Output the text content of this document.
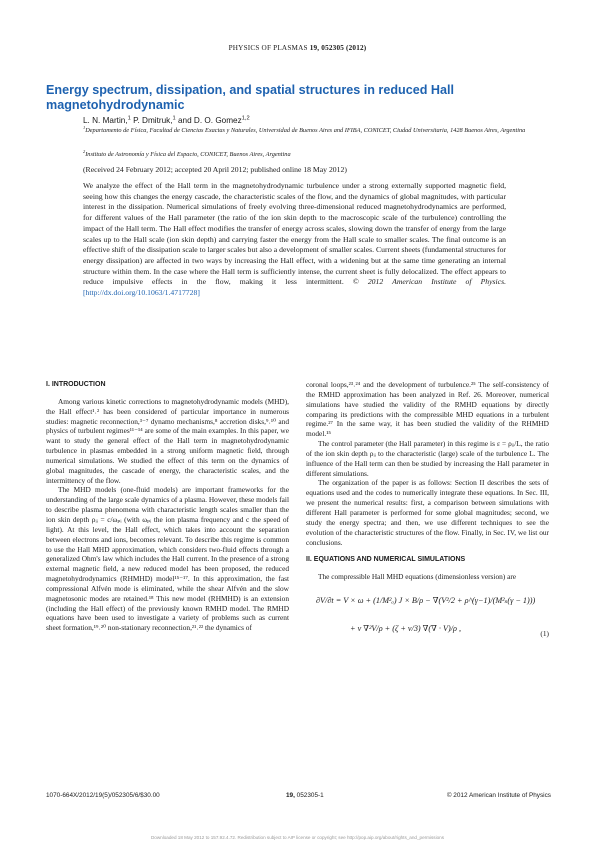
PHYSICS OF PLASMAS 19, 052305 (2012)
Energy spectrum, dissipation, and spatial structures in reduced Hall magnetohydrodynamic
L. N. Martin,$^1$ P. Dmitruk,$^1$ and D. O. Gomez$^{1,2}$
$^1$Departamento de Física, Facultad de Ciencias Exactas y Naturales, Universidad de Buenos Aires and IFIBA, CONICET, Ciudad Universitaria, 1428 Buenos Aires, Argentina
$^2$Instituto de Astronomía y Física del Espacio, CONICET, Buenos Aires, Argentina
(Received 24 February 2012; accepted 20 April 2012; published online 18 May 2012)
We analyze the effect of the Hall term in the magnetohydrodynamic turbulence under a strong externally supported magnetic field, seeing how this changes the energy cascade, the characteristic scales of the flow, and the dynamics of global magnitudes, with particular interest in the dissipation. Numerical simulations of freely evolving three-dimensional reduced magnetohydrodynamics are performed, for different values of the Hall parameter (the ratio of the ion skin depth to the macroscopic scale of the turbulence) controlling the impact of the Hall term. The Hall effect modifies the transfer of energy across scales, slowing down the transfer of energy from the large scales up to the Hall scale (ion skin depth) and carrying faster the energy from the Hall scale to smaller scales. The final outcome is an effective shift of the dissipation scale to larger scales but also a development of smaller scales. Current sheets (fundamental structures for energy dissipation) are affected in two ways by increasing the Hall effect, with a widening but at the same time generating an internal structure within them. In the case where the Hall term is sufficiently intense, the current sheet is fully delocalized. The effect appears to reduce impulsive effects in the flow, making it less intermittent. © 2012 American Institute of Physics. [http://dx.doi.org/10.1063/1.4717728]
I. INTRODUCTION

Among various kinetic corrections to magnetohydrodynamic models (MHD), the Hall effect¹˒² has been considered of particular importance in numerous studies: magnetic reconnection,³⁻⁷ dynamo mechanisms,⁸ accretion disks,⁹˒¹⁰ and physics of turbulent regimes¹¹⁻¹⁴ are some of the main examples. In this paper, we want to study the general effect of the Hall term in magnetohydrodynamic turbulence in plasmas embedded in a strong uniform magnetic field, through numerical simulations. We studied the effect of this term on the dynamics of global magnitudes, the cascade of energy, the characteristic scales, and the intermittency of the flow.

The MHD models (one-fluid models) are important frameworks for the understanding of the large scale dynamics of a plasma. However, these models fail to describe plasma phenomena with characteristic length scales smaller than the ion skin depth ρᵢᵢ = c/ωₚᵢ (with ωₚᵢ the ion plasma frequency and c the speed of light). At this level, the Hall effect, which takes into account the separation between electrons and ions, becomes relevant. To describe this regime is common to use the Hall MHD approximation, which considers two-fluid effects through a generalized Ohm's law which includes the Hall current. In the presence of a strong external magnetic field, a new reduced model has been proposed, the reduced magnetohydrodynamics (RHMHD) model¹⁵⁻¹⁷. In this approximation, the fast compressional Alfvén mode is eliminated, while the shear Alfvén and the slow magnetosonic modes are retained.¹⁸ This new model (RHMHD) is an extension (including the Hall effect) of the previously known RMHD model. The RMHD equations have been used to investigate a variety of problems such as current sheet formation,¹⁹˒²⁰ non-stationary reconnection,²¹˒²² the dynamics of

coronal loops,²³˒²⁴ and the development of turbulence.²⁵ The self-consistency of the RMHD approximation has been analyzed in Ref. 26. Moreover, numerical simulations have studied the validity of the RMHD equations by directly comparing its predictions with the compressible MHD equations in a turbulent regime.²⁷ In the same way, it has been studied the validity of the RHMHD model.¹⁵

The control parameter (the Hall parameter) in this regime is ε = ρᵢᵢ/L, the ratio of the ion skin depth ρᵢᵢ to the characteristic (large) scale of the turbulence L. The influence of the Hall term can then be studied by increasing the Hall parameter in different simulations.

The organization of the paper is as follows: Section II describes the sets of equations used and the codes to numerically integrate these equations. In Sec. III, we present the numerical results: first, a comparison between simulations with different Hall parameter is performed for some global magnitudes; second, we study the energy spectra; and then, we use different techniques to see the evolution of the characteristic structures of the flow. Finally, in Sec. IV, we list our conclusions.

II. EQUATIONS AND NUMERICAL SIMULATIONS

The compressible Hall MHD equations (dimensionless version) are

∂V/∂t = V × ω + (1/M²ₐ) J × B/ρ − ∇(V²/2 + ρ^(γ−1)/(M²ₛ(γ − 1)))
+ ν ∇²V/ρ + (ζ + ν/3) ∇(∇ · V)/ρ ,
(1)
1070-664X/2012/19(5)/052305/6/$30.00	19, 052305-1	© 2012 American Institute of Physics
Downloaded 18 May 2012 to 157.92.4.72. Redistribution subject to AIP license or copyright; see http://pop.aip.org/about/rights_and_permissions
